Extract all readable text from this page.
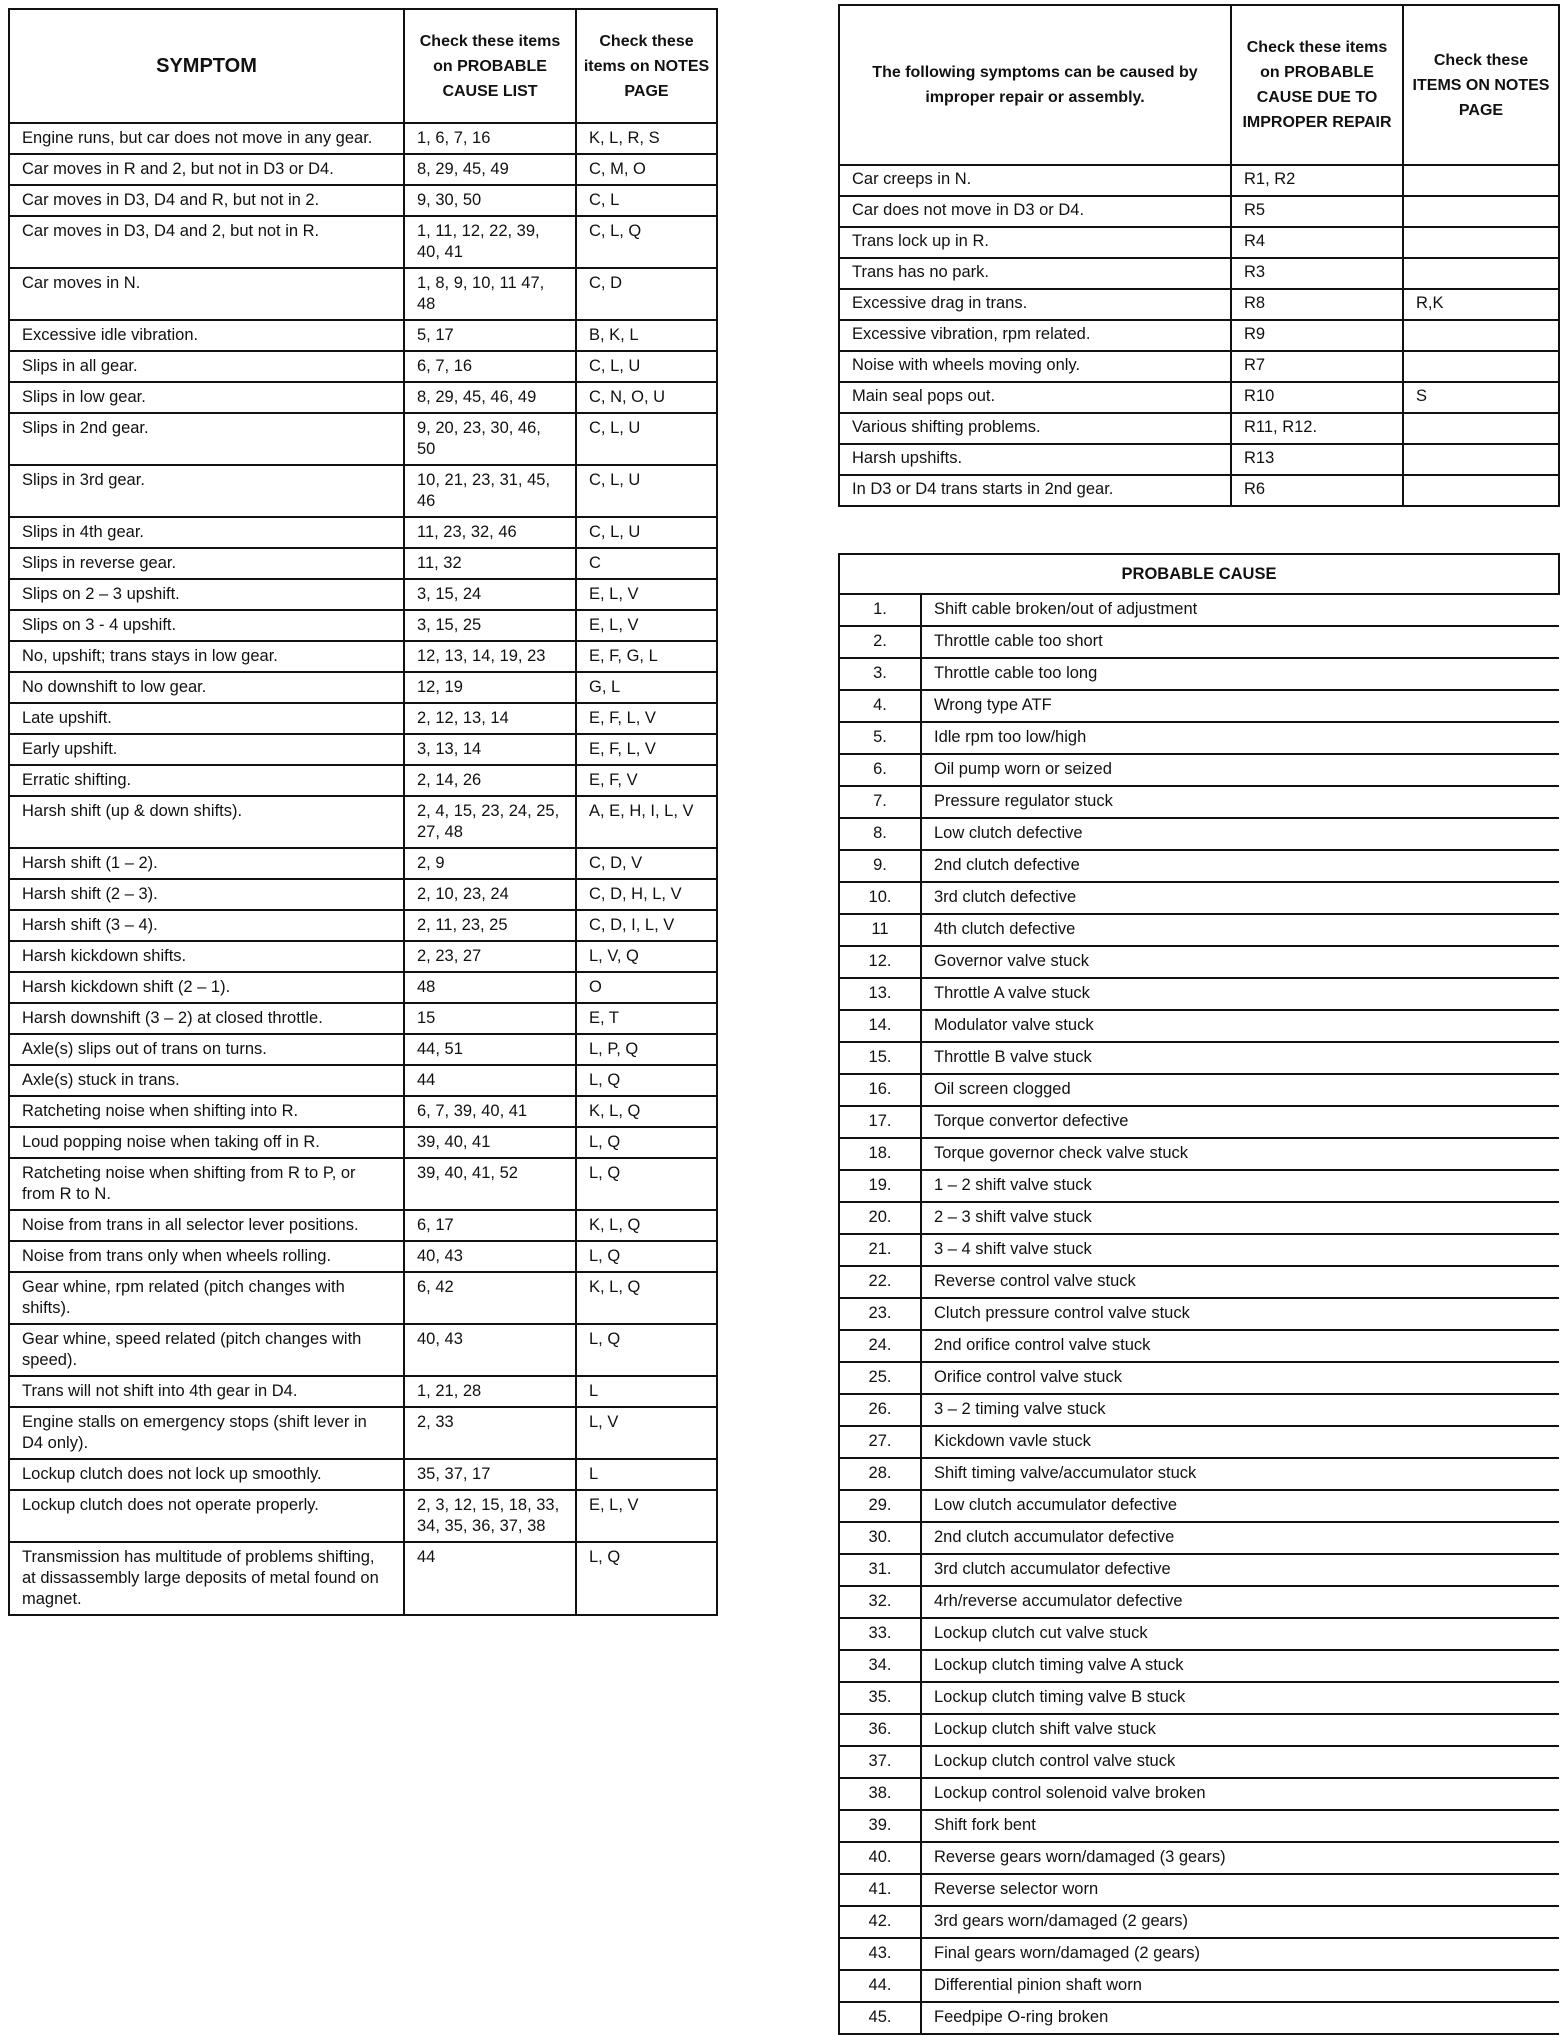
SYMPTOM	Check these items on PROBABLE CAUSE LIST	Check these items on NOTES PAGE
Engine runs, but car does not move in any gear.	1, 6, 7, 16	K, L, R, S
Car moves in R and 2, but not in D3 or D4.	8, 29, 45, 49	C, M, O
Car moves in D3, D4 and R, but not in 2.	9, 30, 50	C, L
Car moves in D3, D4 and 2, but not in R.	1, 11, 12, 22, 39, 40, 41	C, L, Q
Car moves in N.	1, 8, 9, 10, 11 47, 48	C, D
Excessive idle vibration.	5, 17	B, K, L
Slips in all gear.	6, 7, 16	C, L, U
Slips in low gear.	8, 29, 45, 46, 49	C, N, O, U
Slips in 2nd gear.	9, 20, 23, 30, 46, 50	C, L, U
Slips in 3rd gear.	10, 21, 23, 31, 45, 46	C, L, U
Slips in 4th gear.	11, 23, 32, 46	C, L, U
Slips in reverse gear.	11, 32	C
Slips on 2 – 3 upshift.	3, 15, 24	E, L, V
Slips on 3 - 4 upshift.	3, 15, 25	E, L, V
No, upshift; trans stays in low gear.	12, 13, 14, 19, 23	E, F, G, L
No downshift to low gear.	12, 19	G, L
Late upshift.	2, 12, 13, 14	E, F, L, V
Early upshift.	3, 13, 14	E, F, L, V
Erratic shifting.	2, 14, 26	E, F, V
Harsh shift (up & down shifts).	2, 4, 15, 23, 24, 25, 27, 48	A, E, H, I, L, V
Harsh shift (1 – 2).	2, 9	C, D, V
Harsh shift (2 – 3).	2, 10, 23, 24	C, D, H, L, V
Harsh shift (3 – 4).	2, 11, 23, 25	C, D, I, L, V
Harsh kickdown shifts.	2, 23, 27	L, V, Q
Harsh kickdown shift (2 – 1).	48	O
Harsh downshift (3 – 2) at closed throttle.	15	E, T
Axle(s) slips out of trans on turns.	44, 51	L, P, Q
Axle(s) stuck in trans.	44	L, Q
Ratcheting noise when shifting into R.	6, 7, 39, 40, 41	K, L, Q
Loud popping noise when taking off in R.	39, 40, 41	L, Q
Ratcheting noise when shifting from R to P, or from R to N.	39, 40, 41, 52	L, Q
Noise from trans in all selector lever positions.	6, 17	K, L, Q
Noise from trans only when wheels rolling.	40, 43	L, Q
Gear whine, rpm related (pitch changes with shifts).	6, 42	K, L, Q
Gear whine, speed related (pitch changes with speed).	40, 43	L, Q
Trans will not shift into 4th gear in D4.	1, 21, 28	L
Engine stalls on emergency stops (shift lever in D4 only).	2, 33	L, V
Lockup clutch does not lock up smoothly.	35, 37, 17	L
Lockup clutch does not operate properly.	2, 3, 12, 15, 18, 33, 34, 35, 36, 37, 38	E, L, V
Transmission has multitude of problems shifting, at dissassembly large deposits of metal found on magnet.	44	L, Q
The following symptoms can be caused by improper repair or assembly.	Check these items on PROBABLE CAUSE DUE TO IMPROPER REPAIR	Check these ITEMS ON NOTES PAGE
Car creeps in N.	R1, R2	
Car does not move in D3 or D4.	R5	
Trans lock up in R.	R4	
Trans has no park.	R3	
Excessive drag in trans.	R8	R,K
Excessive vibration, rpm related.	R9	
Noise with wheels moving only.	R7	
Main seal pops out.	R10	S
Various shifting problems.	R11, R12.	
Harsh upshifts.	R13	
In D3 or D4 trans starts in 2nd gear.	R6	
PROBABLE CAUSE	
1.	Shift cable broken/out of adjustment
2.	Throttle cable too short
3.	Throttle cable too long
4.	Wrong type ATF
5.	Idle rpm too low/high
6.	Oil pump worn or seized
7.	Pressure regulator stuck
8.	Low clutch defective
9.	2nd clutch defective
10.	3rd clutch defective
11	4th clutch defective
12.	Governor valve stuck
13.	Throttle A valve stuck
14.	Modulator valve stuck
15.	Throttle B valve stuck
16.	Oil screen clogged
17.	Torque convertor defective
18.	Torque governor check valve stuck
19.	1 – 2 shift valve stuck
20.	2 – 3 shift valve stuck
21.	3 – 4 shift valve stuck
22.	Reverse control valve stuck
23.	Clutch pressure control valve stuck
24.	2nd orifice control valve stuck
25.	Orifice control valve stuck
26.	3 – 2 timing valve stuck
27.	Kickdown vavle stuck
28.	Shift timing valve/accumulator stuck
29.	Low clutch accumulator defective
30.	2nd clutch accumulator defective
31.	3rd clutch accumulator defective
32.	4rh/reverse accumulator defective
33.	Lockup clutch cut valve stuck
34.	Lockup clutch timing valve A stuck
35.	Lockup clutch timing valve B stuck
36.	Lockup clutch shift valve stuck
37.	Lockup clutch control valve stuck
38.	Lockup control solenoid valve broken
39.	Shift fork bent
40.	Reverse gears worn/damaged (3 gears)
41.	Reverse selector worn
42.	3rd gears worn/damaged (2 gears)
43.	Final gears worn/damaged (2 gears)
44.	Differential pinion shaft worn
45.	Feedpipe O-ring broken
